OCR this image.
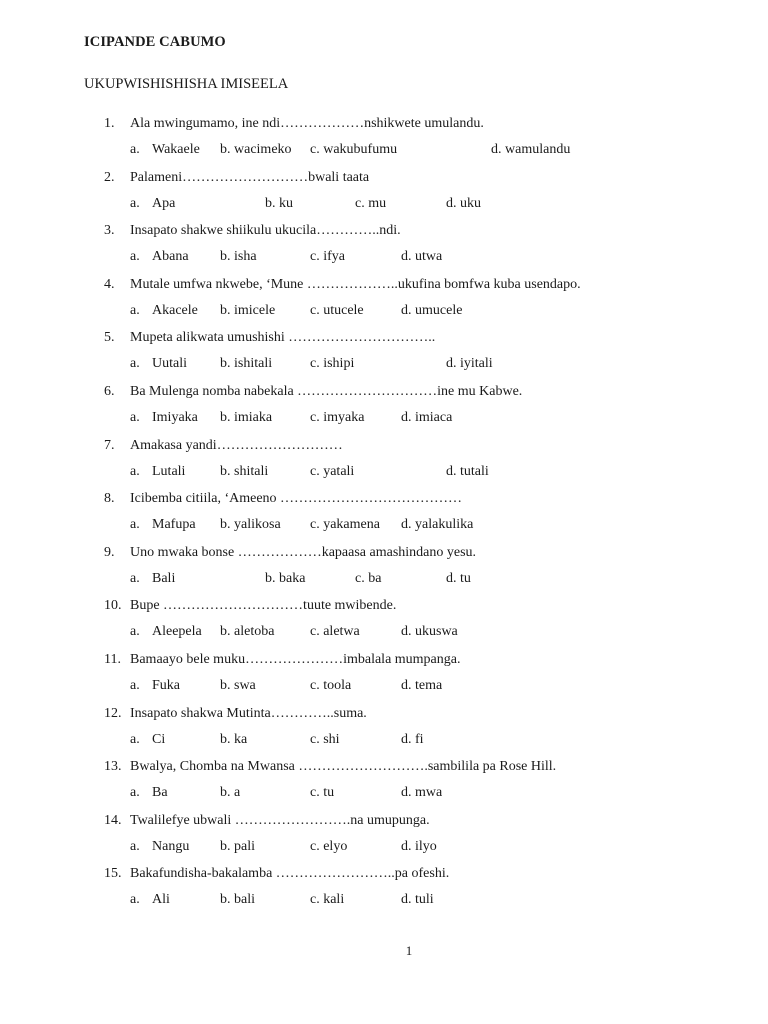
ICIPANDE CABUMO
UKUPWISHISHISHA IMISEELA
1.	Ala mwingumamo, ine ndi………………nshikwete umulandu.
a. Wakaele b. wacimeko c. wakubufumu	d. wamulandu
2.	Palameni………………………bwali taata
a. Apa	b. ku	c. mu	d. uku
3.	Insapato shakwe shiikulu ukucila…………..ndi.
a. Abana b. isha	c. ifya	d. utwa
4.	Mutale umfwa nkwebe, ‘Mune ………………..ukufina bomfwa kuba usendapo.
a. Akacele b. imicele c. utucele	d. umucele
5.	Mupeta alikwata umushishi …………………………..
a. Uutali b. ishitali	c. ishipi	d. iyitali
6.	Ba Mulenga nomba nabekala …………………………ine mu Kabwe.
a. Imiyaka b. imiaka	c. imyaka	d. imiaca
7.	Amakasa yandi………………………
a. Lutali b. shitali	c. yatali	d. tutali
8.	Icibemba citiila, ‘Ameeno …………………………………
a. Mafupa b. yalikosa c. yakamena d. yalakulika
9.	Uno mwaka bonse ………………kapaasa amashindano yesu.
a. Bali	b. baka	c. ba	d. tu
10. Bupe …………………………tuute mwibende.
a. Aleepela b. aletoba	c. aletwa	d. ukuswa
11. Bamaayo bele muku…………………imbalala mumpanga.
a. Fuka	b. swa	c. toola	d. tema
12. Insapato shakwa Mutinta…………..suma.
a. Ci	b. ka	c. shi	d. fi
13. Bwalya, Chomba na Mwansa ……………………….sambilila pa Rose Hill.
a. Ba	b. a	c. tu	d. mwa
14. Twalilefye ubwali …………………….na umupunga.
a. Nangu b. pali	c. elyo	d. ilyo
15. Bakafundisha-bakalamba ……………………..pa ofeshi.
a. Ali	b. bali	c. kali	d. tuli
1
